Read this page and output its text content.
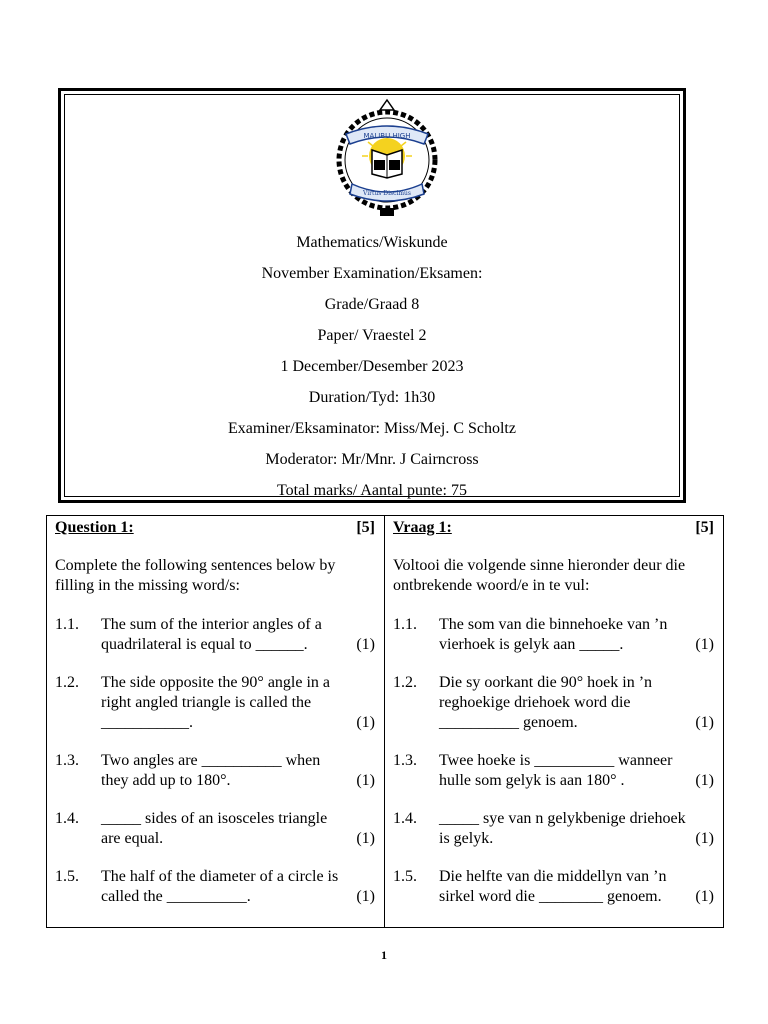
MALIBU HIGH
Virtus Discimus
Mathematics/Wiskunde
November Examination/Eksamen:
Grade/Graad 8
Paper/ Vraestel 2
1 December/Desember 2023
Duration/Tyd: 1h30
Examiner/Eksaminator: Miss/Mej. C Scholtz
Moderator: Mr/Mnr. J Cairncross
Total marks/ Aantal punte: 75
Question 1:	[5]
Complete the following sentences below by filling in the missing word/s:
1.1.	The sum of the interior angles of a
quadrilateral is equal to ______.	(1)
1.2.	The side opposite the 90° angle in a
right angled triangle is called the
___________.	(1)
1.3.	Two angles are __________ when
they add up to 180°.	(1)
1.4.	_____ sides of an isosceles triangle
are equal.	(1)
1.5.	The half of the diameter of a circle is
called the __________.	(1)
Vraag 1:	[5]
Voltooi die volgende sinne hieronder deur die ontbrekende woord/e in te vul:
1.1.	The som van die binnehoeke van ʼn
vierhoek is gelyk aan _____.	(1)
1.2.	Die sy oorkant die 90° hoek in ʼn
reghoekige driehoek word die
__________ genoem.	(1)
1.3.	Twee hoeke is __________ wanneer
hulle som gelyk is aan 180° .	(1)
1.4.	_____ sye van n gelykbenige driehoek
is gelyk.	(1)
1.5.	Die helfte van die middellyn van ʼn
sirkel word die ________ genoem. (1)
1
